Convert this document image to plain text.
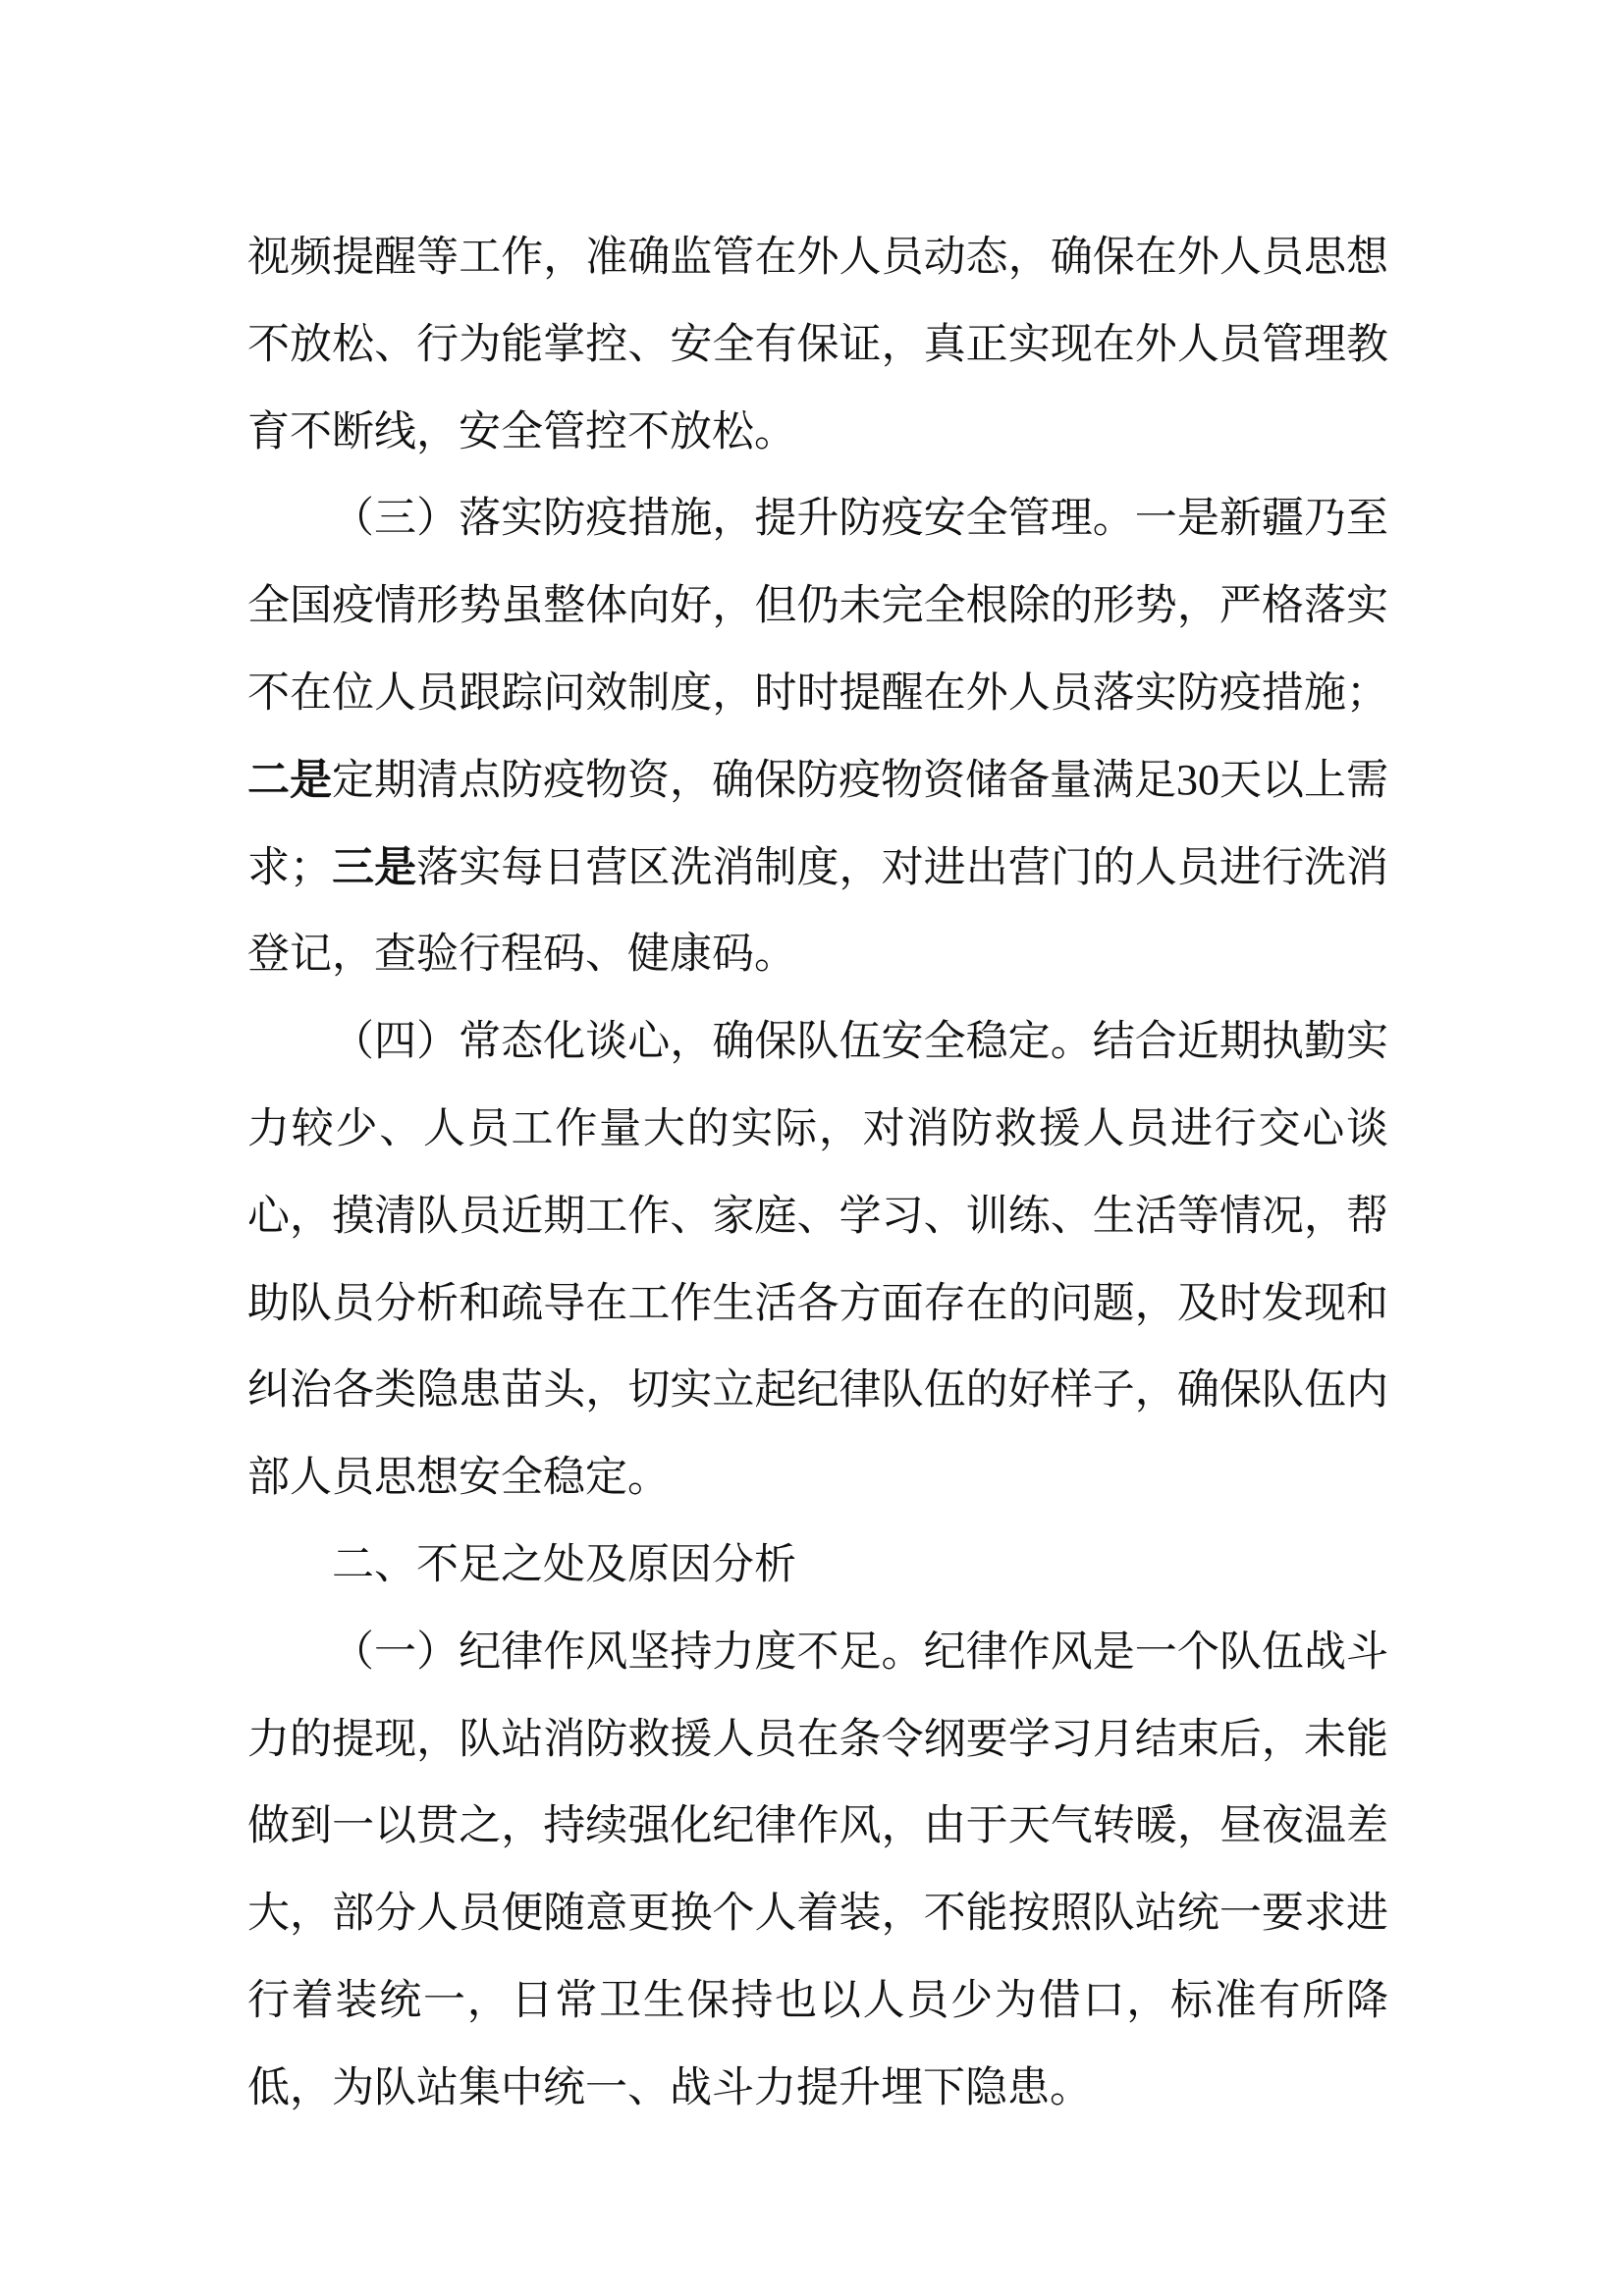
视频提醒等工作，准确监管在外人员动态，确保在外人员思想不放松、行为能掌控、安全有保证，真正实现在外人员管理教育不断线，安全管控不放松。

（三）落实防疫措施，提升防疫安全管理。一是新疆乃至全国疫情形势虽整体向好，但仍未完全根除的形势，严格落实不在位人员跟踪问效制度，时时提醒在外人员落实防疫措施；二是定期清点防疫物资，确保防疫物资储备量满足30天以上需求；三是落实每日营区洗消制度，对进出营门的人员进行洗消登记，查验行程码、健康码。

（四）常态化谈心，确保队伍安全稳定。结合近期执勤实力较少、人员工作量大的实际，对消防救援人员进行交心谈心，摸清队员近期工作、家庭、学习、训练、生活等情况，帮助队员分析和疏导在工作生活各方面存在的问题，及时发现和纠治各类隐患苗头，切实立起纪律队伍的好样子，确保队伍内部人员思想安全稳定。

二、不足之处及原因分析

（一）纪律作风坚持力度不足。纪律作风是一个队伍战斗力的提现，队站消防救援人员在条令纲要学习月结束后，未能做到一以贯之，持续强化纪律作风，由于天气转暖，昼夜温差大，部分人员便随意更换个人着装，不能按照队站统一要求进行着装统一，日常卫生保持也以人员少为借口，标准有所降低，为队站集中统一、战斗力提升埋下隐患。
